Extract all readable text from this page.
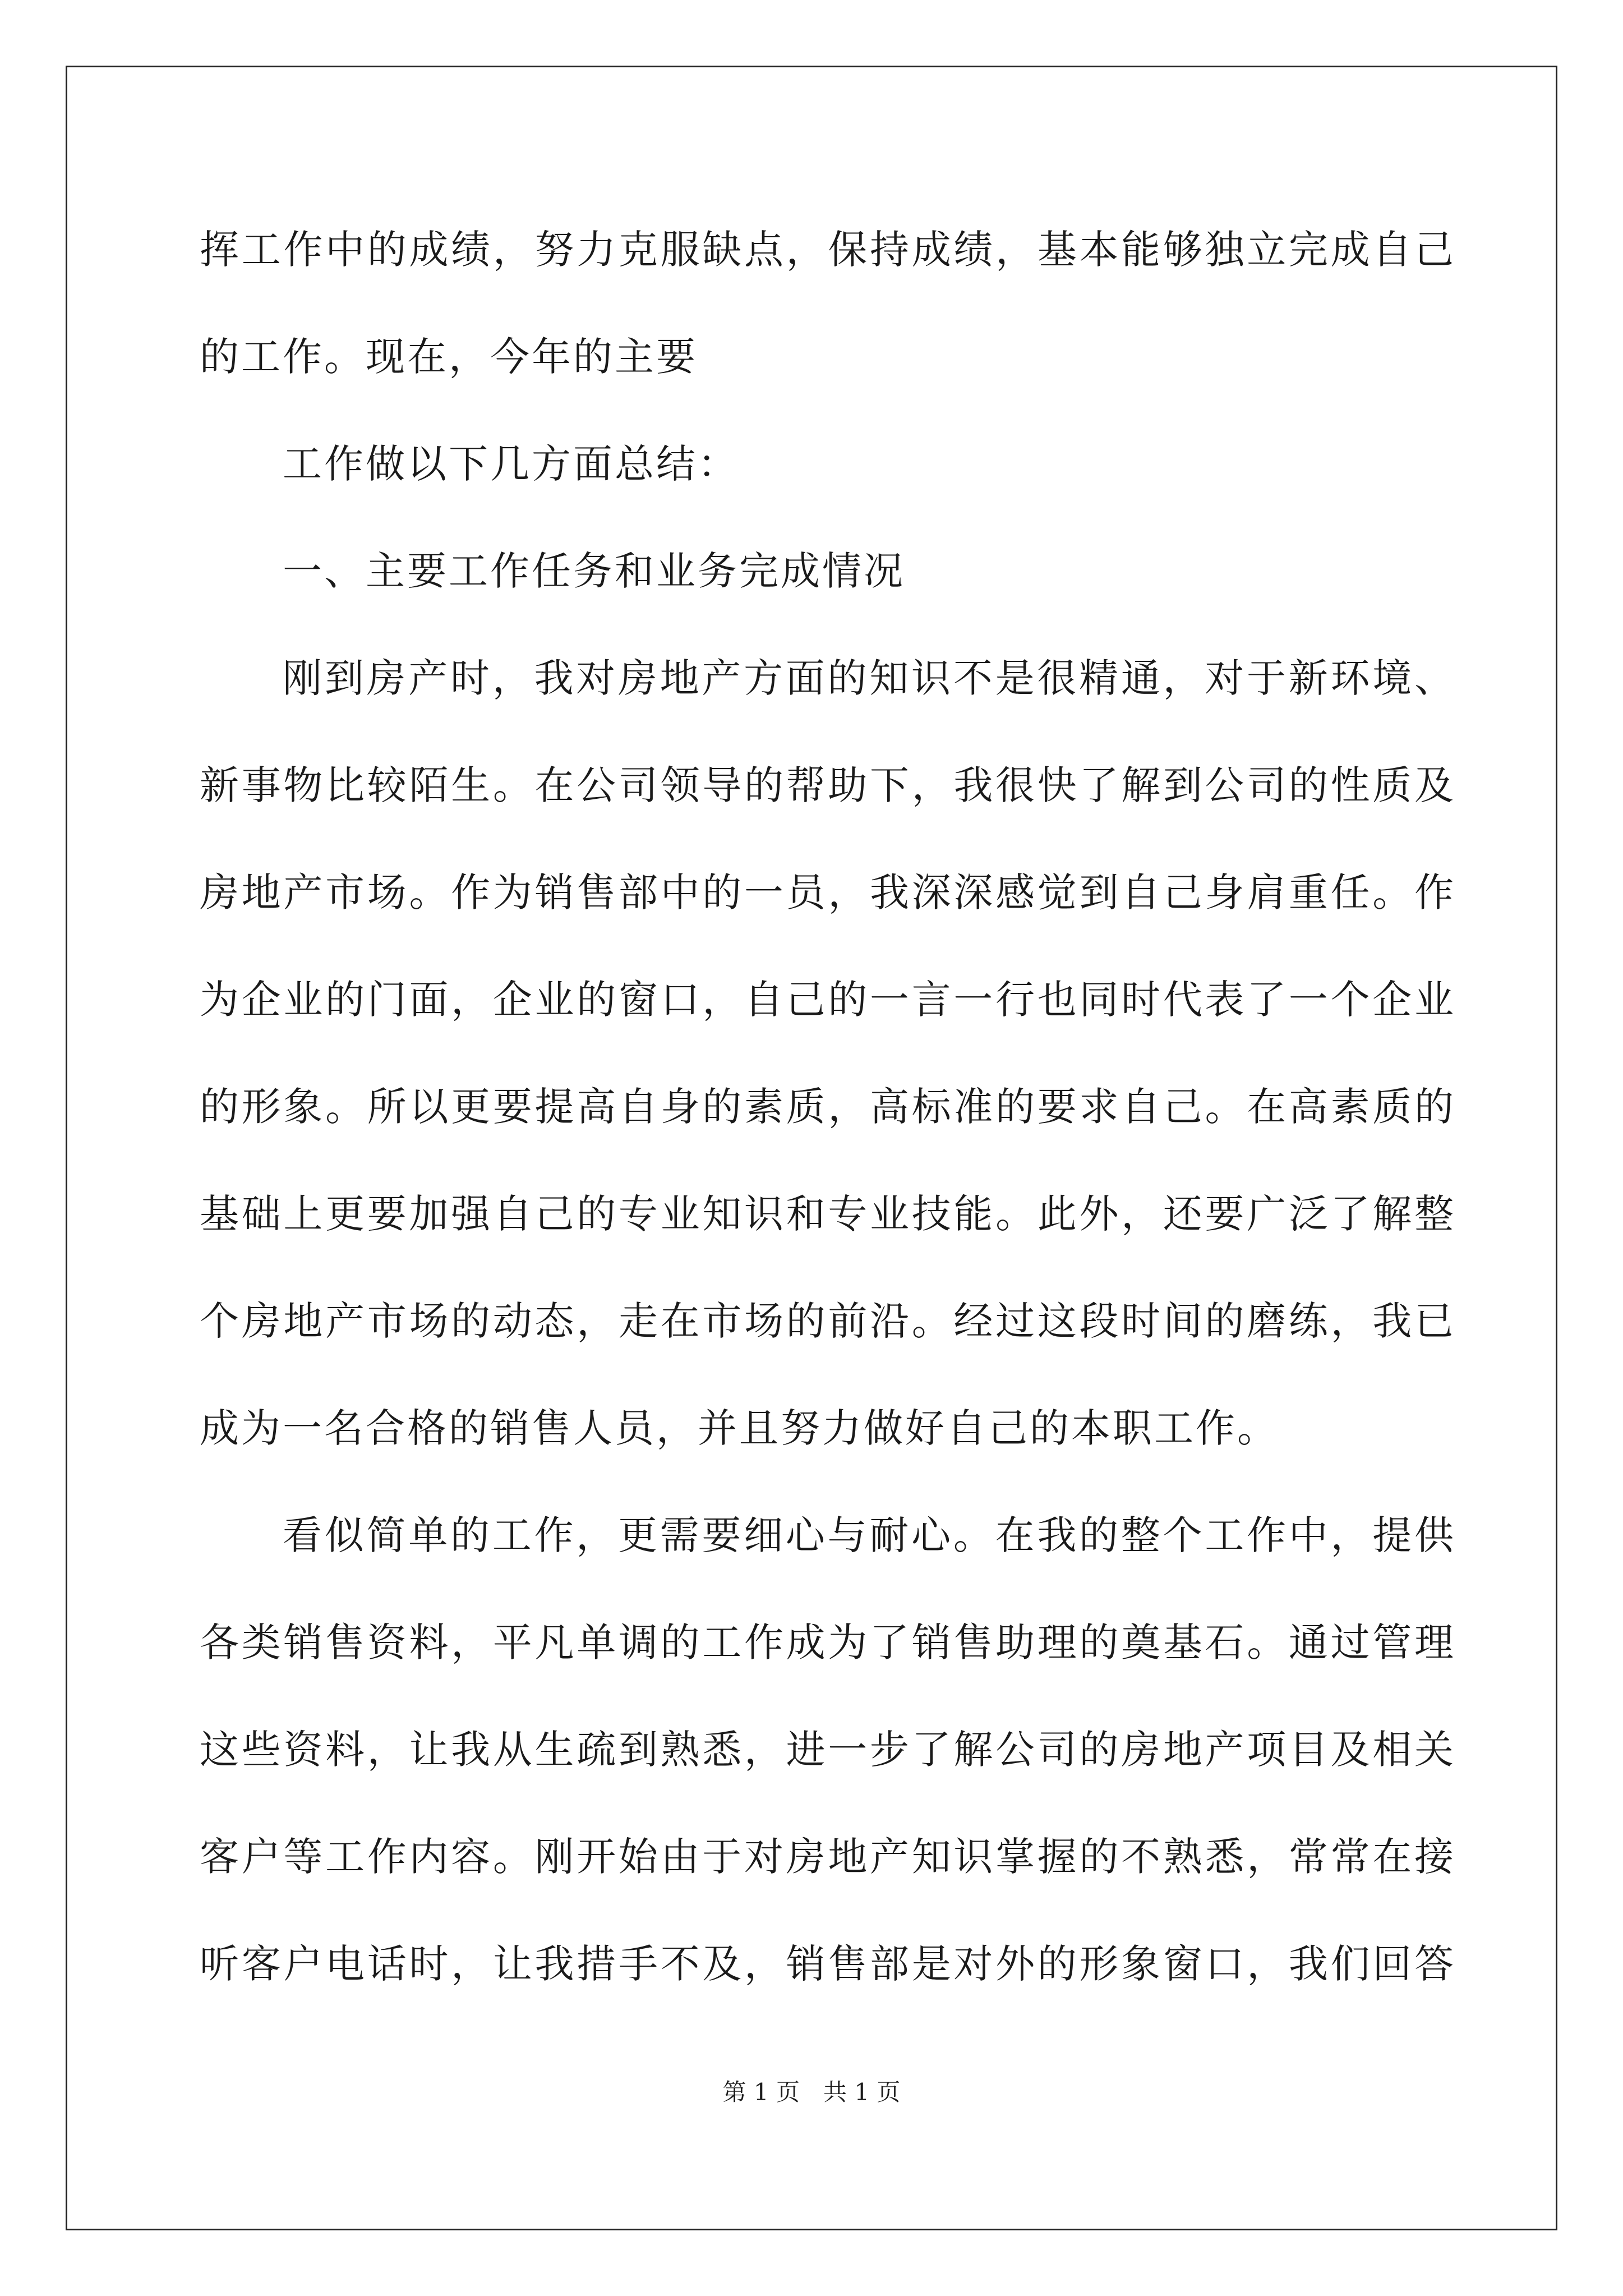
挥工作中的成绩，努力克服缺点，保持成绩，基本能够独立完成自己
的工作。现在，今年的主要
工作做以下几方面总结：
一、主要工作任务和业务完成情况
刚到房产时，我对房地产方面的知识不是很精通，对于新环境、
新事物比较陌生。在公司领导的帮助下，我很快了解到公司的性质及
房地产市场。作为销售部中的一员，我深深感觉到自己身肩重任。作
为企业的门面，企业的窗口，自己的一言一行也同时代表了一个企业
的形象。所以更要提高自身的素质，高标准的要求自己。在高素质的
基础上更要加强自己的专业知识和专业技能。此外，还要广泛了解整
个房地产市场的动态，走在市场的前沿。经过这段时间的磨练，我已
成为一名合格的销售人员，并且努力做好自己的本职工作。
看似简单的工作，更需要细心与耐心。在我的整个工作中，提供
各类销售资料，平凡单调的工作成为了销售助理的奠基石。通过管理
这些资料，让我从生疏到熟悉，进一步了解公司的房地产项目及相关
客户等工作内容。刚开始由于对房地产知识掌握的不熟悉，常常在接
听客户电话时，让我措手不及，销售部是对外的形象窗口，我们回答
第 1 页　共 1 页
